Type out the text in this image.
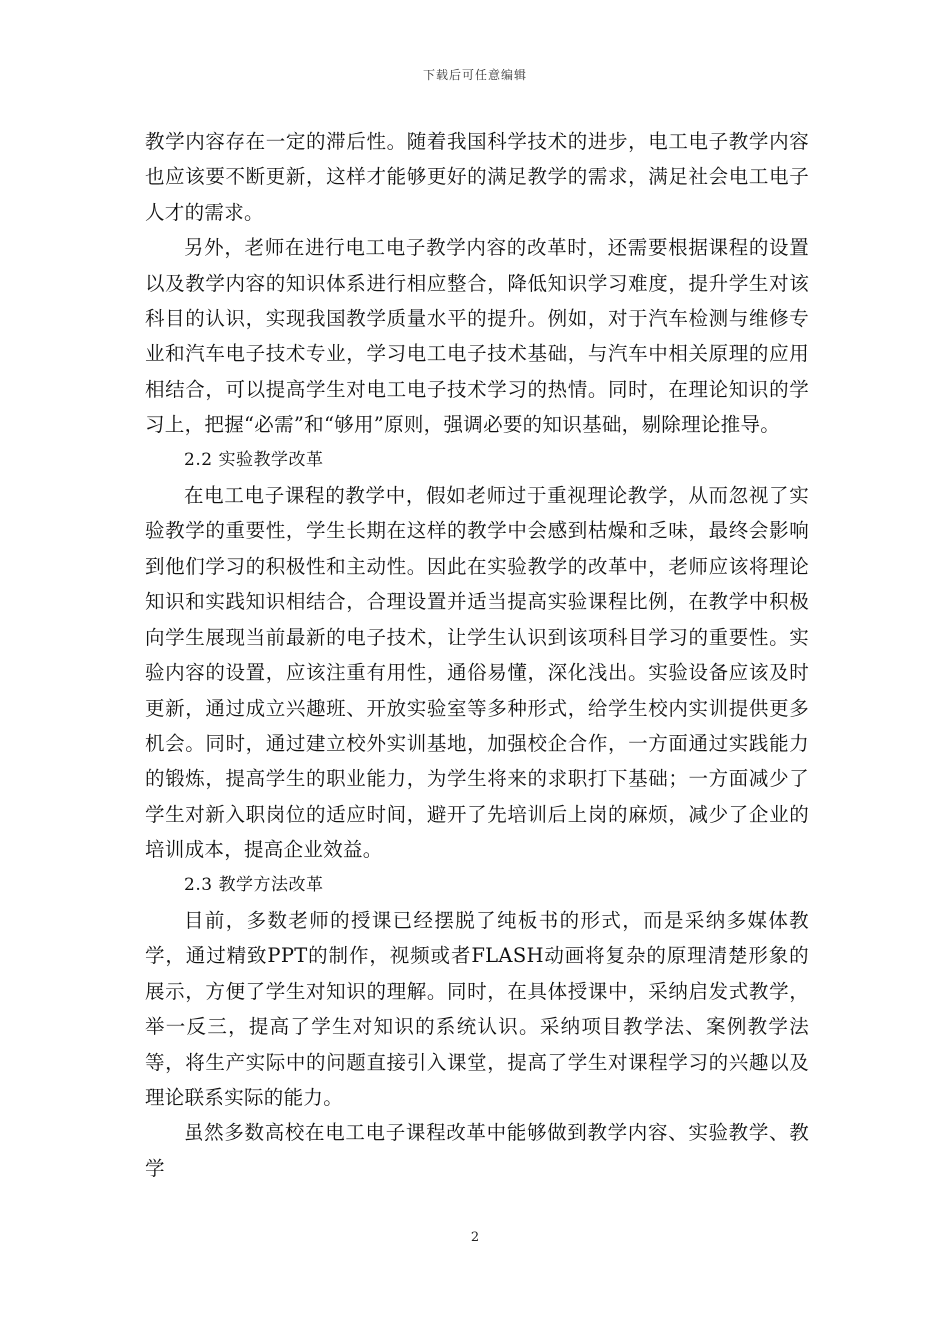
下载后可任意编辑

教学内容存在一定的滞后性。随着我国科学技术的进步，电工电子教学内容也应该要不断更新，这样才能够更好的满足教学的需求，满足社会电工电子人才的需求。

另外，老师在进行电工电子教学内容的改革时，还需要根据课程的设置以及教学内容的知识体系进行相应整合，降低知识学习难度，提升学生对该科目的认识，实现我国教学质量水平的提升。例如，对于汽车检测与维修专业和汽车电子技术专业，学习电工电子技术基础，与汽车中相关原理的应用相结合，可以提高学生对电工电子技术学习的热情。同时，在理论知识的学习上，把握“必需”和“够用”原则，强调必要的知识基础，剔除理论推导。

2.2 实验教学改革

在电工电子课程的教学中，假如老师过于重视理论教学，从而忽视了实验教学的重要性，学生长期在这样的教学中会感到枯燥和乏味，最终会影响到他们学习的积极性和主动性。因此在实验教学的改革中，老师应该将理论知识和实践知识相结合，合理设置并适当提高实验课程比例，在教学中积极向学生展现当前最新的电子技术，让学生认识到该项科目学习的重要性。实验内容的设置，应该注重有用性，通俗易懂，深化浅出。实验设备应该及时更新，通过成立兴趣班、开放实验室等多种形式，给学生校内实训提供更多机会。同时，通过建立校外实训基地，加强校企合作，一方面通过实践能力的锻炼，提高学生的职业能力，为学生将来的求职打下基础；一方面减少了学生对新入职岗位的适应时间，避开了先培训后上岗的麻烦，减少了企业的培训成本，提高企业效益。

2.3 教学方法改革

目前，多数老师的授课已经摆脱了纯板书的形式，而是采纳多媒体教学，通过精致PPT的制作，视频或者FLASH动画将复杂的原理清楚形象的展示，方便了学生对知识的理解。同时，在具体授课中，采纳启发式教学，举一反三，提高了学生对知识的系统认识。采纳项目教学法、案例教学法等，将生产实际中的问题直接引入课堂，提高了学生对课程学习的兴趣以及理论联系实际的能力。

虽然多数高校在电工电子课程改革中能够做到教学内容、实验教学、教学

2
